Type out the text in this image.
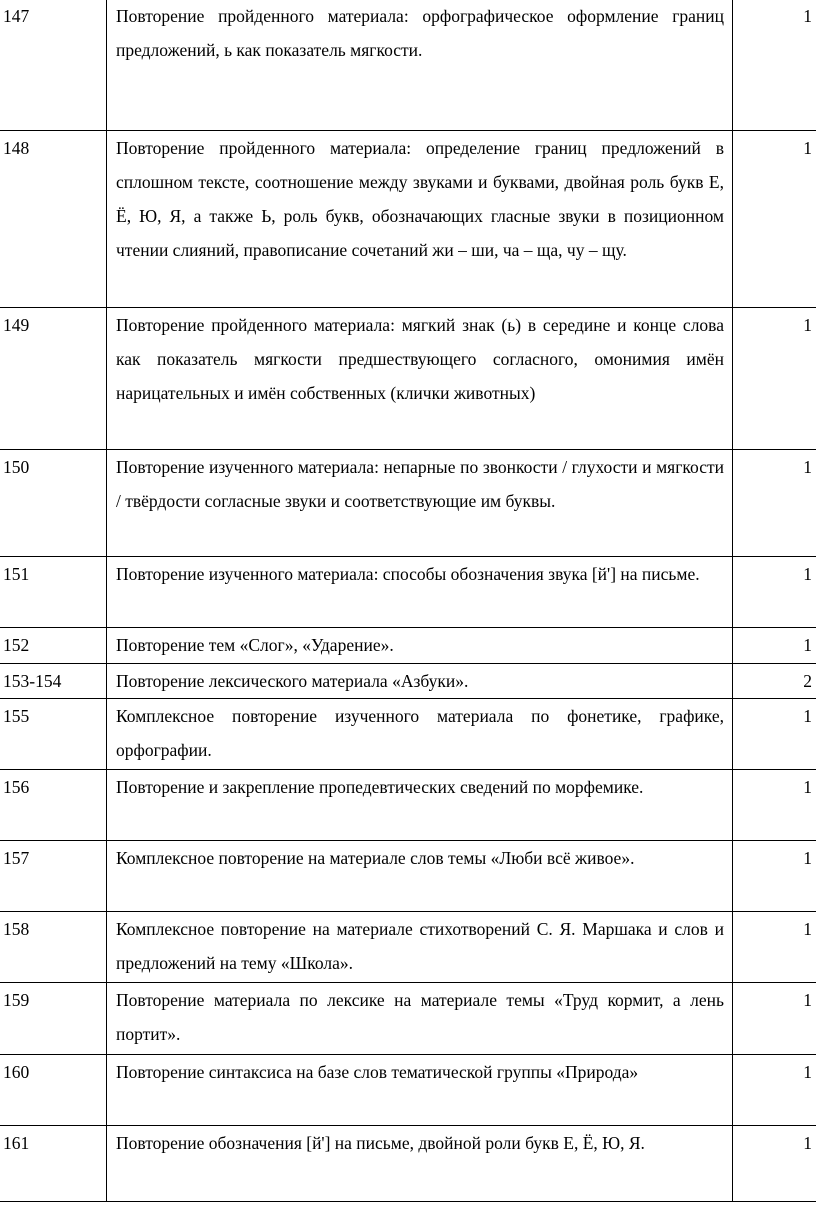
147	Повторение пройденного материала: орфографическое оформление границ предложений, ь как показатель мягкости.	1

148	Повторение пройденного материала: определение границ предложений в сплошном тексте, соотношение между звуками и буквами, двойная роль букв Е, Ё, Ю, Я, а также Ь, роль букв, обозначающих гласные звуки в позиционном чтении слияний, правописание сочетаний жи – ши, ча – ща, чу – щу.	1

149	Повторение пройденного материала: мягкий знак (ь) в середине и конце слова как показатель мягкости предшествующего согласного, омонимия имён нарицательных и имён собственных (клички животных)	1

150	Повторение изученного материала: непарные по звонкости / глухости и мягкости / твёрдости согласные звуки и соответствующие им буквы.	1

151	Повторение изученного материала: способы обозначения звука [й'] на письме.	1

152	Повторение тем «Слог», «Ударение».	1

153-154	Повторение лексического материала «Азбуки».	2

155	Комплексное повторение изученного материала по фонетике, графике, орфографии.	1

156	Повторение и закрепление пропедевтических сведений по морфемике.	1

157	Комплексное повторение на материале слов темы «Люби всё живое».	1

158	Комплексное повторение на материале стихотворений С. Я. Маршака и слов и предложений на тему «Школа».	1

159	Повторение материала по лексике на материале темы «Труд кормит, а лень портит».	1

160	Повторение синтаксиса на базе слов тематической группы «Природа»	1

161	Повторение обозначения [й'] на письме, двойной роли букв Е, Ё, Ю, Я.	1
